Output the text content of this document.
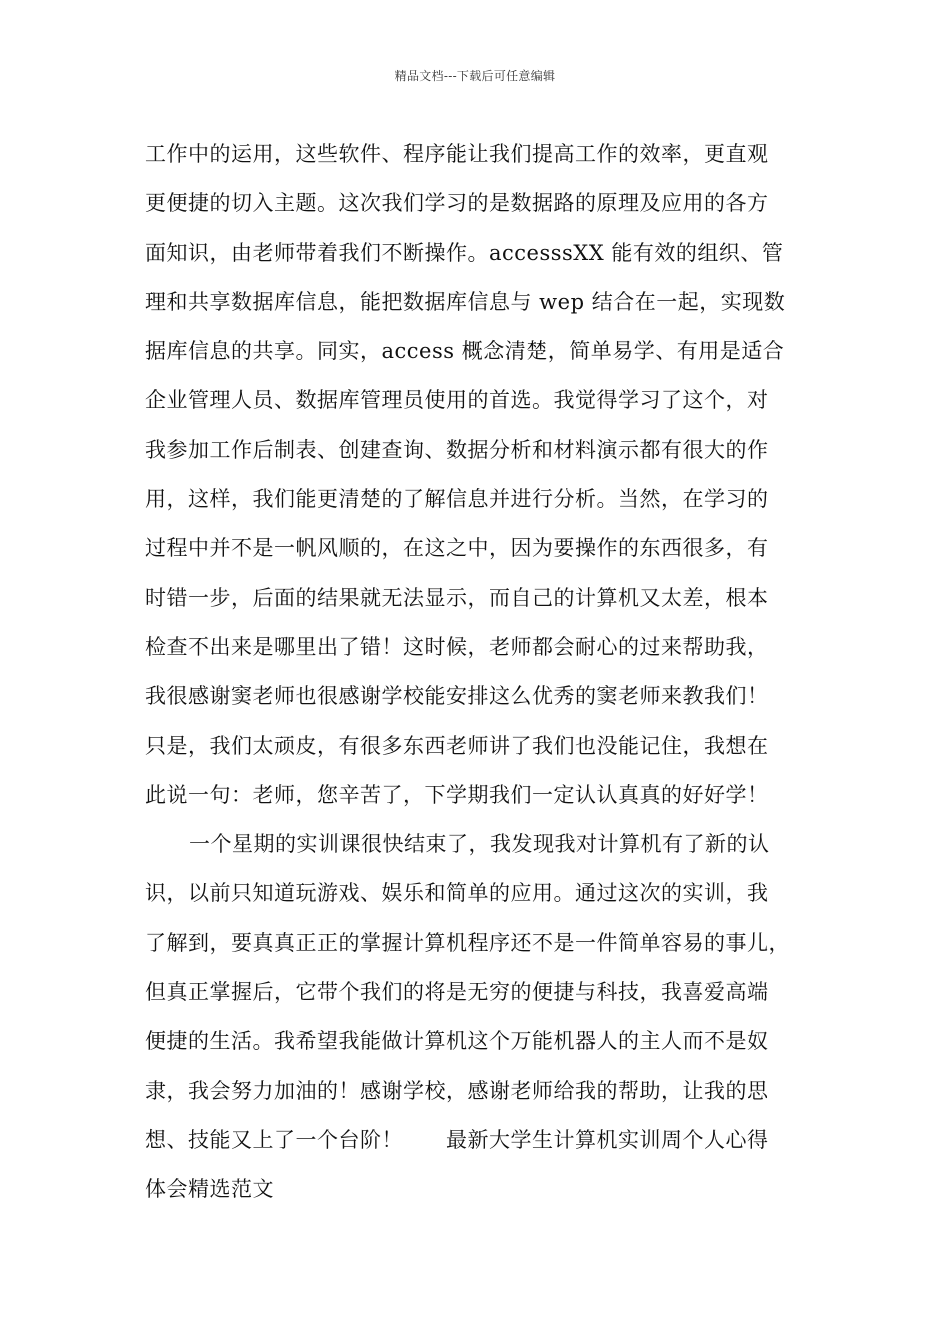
精品文档---下载后可任意编辑
工作中的运用，这些软件、程序能让我们提高工作的效率，更直观
更便捷的切入主题。这次我们学习的是数据路的原理及应用的各方
面知识，由老师带着我们不断操作。accesssXX 能有效的组织、管
理和共享数据库信息，能把数据库信息与 wep 结合在一起，实现数
据库信息的共享。同实，access 概念清楚，简单易学、有用是适合
企业管理人员、数据库管理员使用的首选。我觉得学习了这个，对
我参加工作后制表、创建查询、数据分析和材料演示都有很大的作
用，这样，我们能更清楚的了解信息并进行分析。当然，在学习的
过程中并不是一帆风顺的，在这之中，因为要操作的东西很多，有
时错一步，后面的结果就无法显示，而自己的计算机又太差，根本
检查不出来是哪里出了错！这时候，老师都会耐心的过来帮助我，
我很感谢窦老师也很感谢学校能安排这么优秀的窦老师来教我们！
只是，我们太顽皮，有很多东西老师讲了我们也没能记住，我想在
此说一句：老师，您辛苦了，下学期我们一定认认真真的好好学！
一个星期的实训课很快结束了，我发现我对计算机有了新的认
识，以前只知道玩游戏、娱乐和简单的应用。通过这次的实训，我
了解到，要真真正正的掌握计算机程序还不是一件简单容易的事儿，
但真正掌握后，它带个我们的将是无穷的便捷与科技，我喜爱高端
便捷的生活。我希望我能做计算机这个万能机器人的主人而不是奴
隶，我会努力加油的！感谢学校，感谢老师给我的帮助，让我的思
想、技能又上了一个台阶！　　最新大学生计算机实训周个人心得
体会精选范文
